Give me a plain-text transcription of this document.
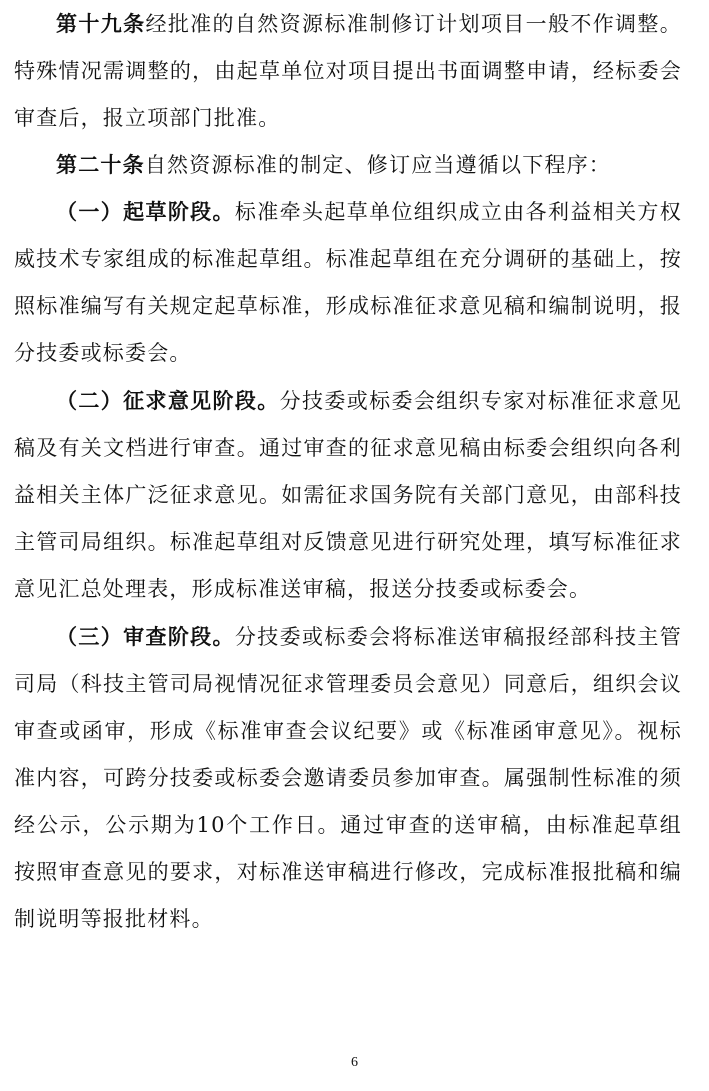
第十九条经批准的自然资源标准制修订计划项目一般不作调整。特殊情况需调整的，由起草单位对项目提出书面调整申请，经标委会审查后，报立项部门批准。

第二十条自然资源标准的制定、修订应当遵循以下程序：

（一）起草阶段。标准牵头起草单位组织成立由各利益相关方权威技术专家组成的标准起草组。标准起草组在充分调研的基础上，按照标准编写有关规定起草标准，形成标准征求意见稿和编制说明，报分技委或标委会。

（二）征求意见阶段。分技委或标委会组织专家对标准征求意见稿及有关文档进行审查。通过审查的征求意见稿由标委会组织向各利益相关主体广泛征求意见。如需征求国务院有关部门意见，由部科技主管司局组织。标准起草组对反馈意见进行研究处理，填写标准征求意见汇总处理表，形成标准送审稿，报送分技委或标委会。

（三）审查阶段。分技委或标委会将标准送审稿报经部科技主管司局（科技主管司局视情况征求管理委员会意见）同意后，组织会议审查或函审，形成《标准审查会议纪要》或《标准函审意见》。视标准内容，可跨分技委或标委会邀请委员参加审查。属强制性标准的须经公示，公示期为10个工作日。通过审查的送审稿，由标准起草组按照审查意见的要求，对标准送审稿进行修改，完成标准报批稿和编制说明等报批材料。

6
